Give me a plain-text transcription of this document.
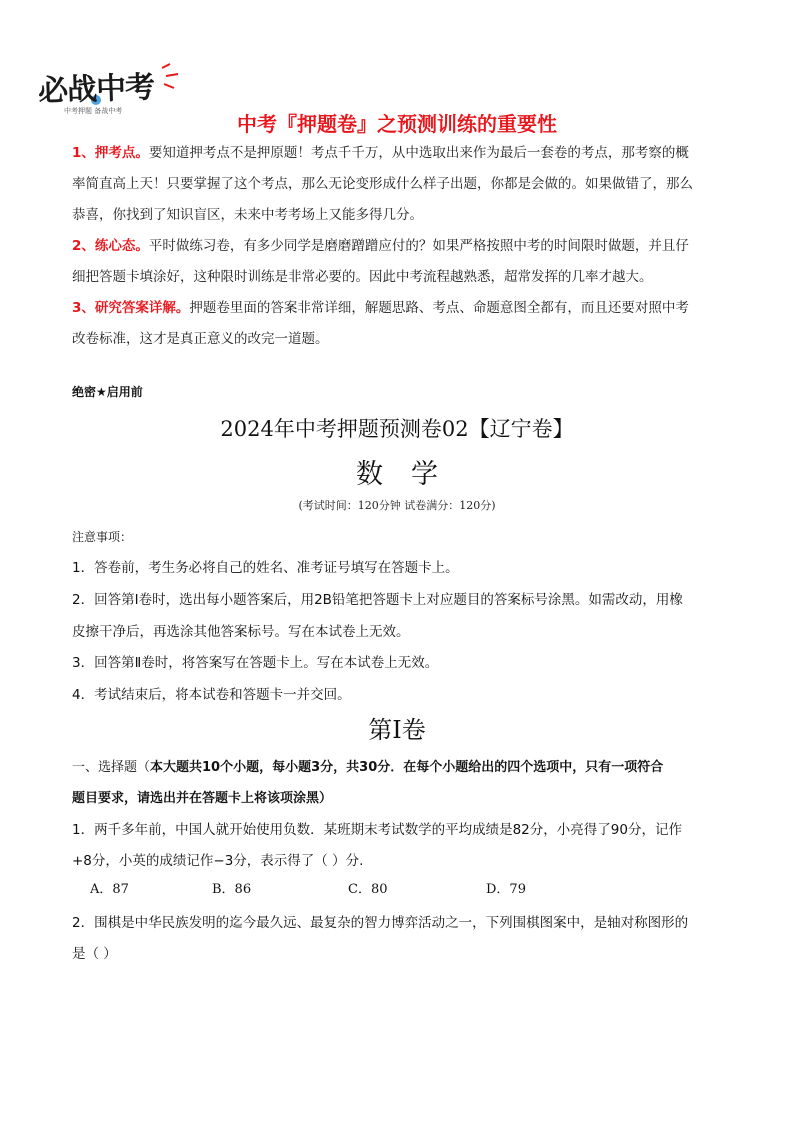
必战中考
中考押题 备战中考
中考『押题卷』之预测训练的重要性
1、押考点。要知道押考点不是押原题！考点千千万，从中选取出来作为最后一套卷的考点，那考察的概
率简直高上天！只要掌握了这个考点，那么无论变形成什么样子出题，你都是会做的。如果做错了，那么
恭喜，你找到了知识盲区，未来中考考场上又能多得几分。
2、练心态。平时做练习卷，有多少同学是磨磨蹭蹭应付的？如果严格按照中考的时间限时做题，并且仔
细把答题卡填涂好，这种限时训练是非常必要的。因此中考流程越熟悉，超常发挥的几率才越大。
3、研究答案详解。押题卷里面的答案非常详细，解题思路、考点、命题意图全都有，而且还要对照中考
改卷标准，这才是真正意义的改完一道题。
绝密★启用前
2024年中考押题预测卷02【辽宁卷】
数学
(考试时间：120分钟 试卷满分：120分)
注意事项：
1．答卷前，考生务必将自己的姓名、准考证号填写在答题卡上。
2．回答第Ⅰ卷时，选出每小题答案后，用2B铅笔把答题卡上对应题目的答案标号涂黑。如需改动，用橡
皮擦干净后，再选涂其他答案标号。写在本试卷上无效。
3．回答第Ⅱ卷时，将答案写在答题卡上。写在本试卷上无效。
4．考试结束后，将本试卷和答题卡一并交回。
第Ⅰ卷
一、选择题（本大题共10个小题，每小题3分，共30分．在每个小题给出的四个选项中，只有一项符合
题目要求，请选出并在答题卡上将该项涂黑）
1．两千多年前，中国人就开始使用负数．某班期末考试数学的平均成绩是82分，小亮得了90分，记作
+8分，小英的成绩记作−3分，表示得了（ ）分.
A．87	B．86	C．80	D．79
2．围棋是中华民族发明的迄今最久远、最复杂的智力博弈活动之一，下列围棋图案中，是轴对称图形的
是（ ）
